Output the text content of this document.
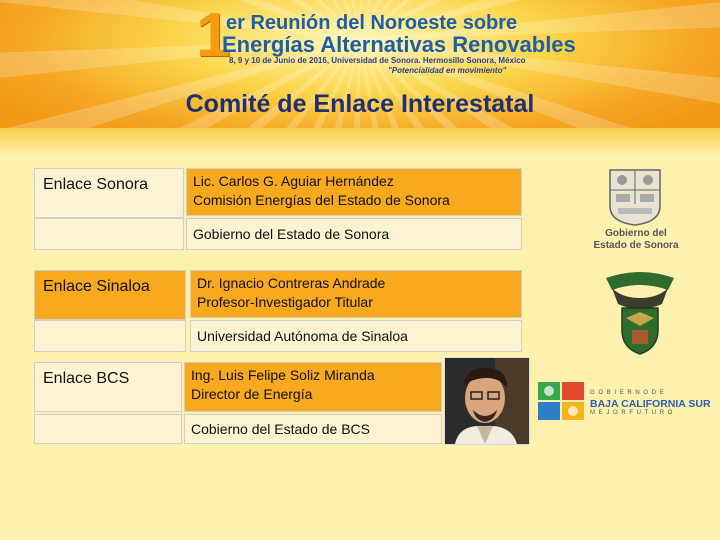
1
er Reunión del Noroeste sobre
Energías Alternativas Renovables
8, 9 y 10 de Junio de 2016, Universidad de Sonora. Hermosillo Sonora, México
"Potencialidad en movimiento"
Comité de Enlace Interestatal
Enlace Sonora	Lic. Carlos G. Aguiar Hernández
Comisión Energías del Estado de Sonora
Gobierno del Estado de Sonora
Enlace Sinaloa	Dr. Ignacio Contreras Andrade
Profesor-Investigador Titular
Universidad Autónoma de Sinaloa
Enlace BCS	Ing. Luis Felipe Soliz Miranda
Director de Energía
Cobierno del Estado de BCS
Gobierno del
Estado de Sonora
G O B I E R N O D E
BAJA CALIFORNIA SUR
M E J O R F U T U R O
